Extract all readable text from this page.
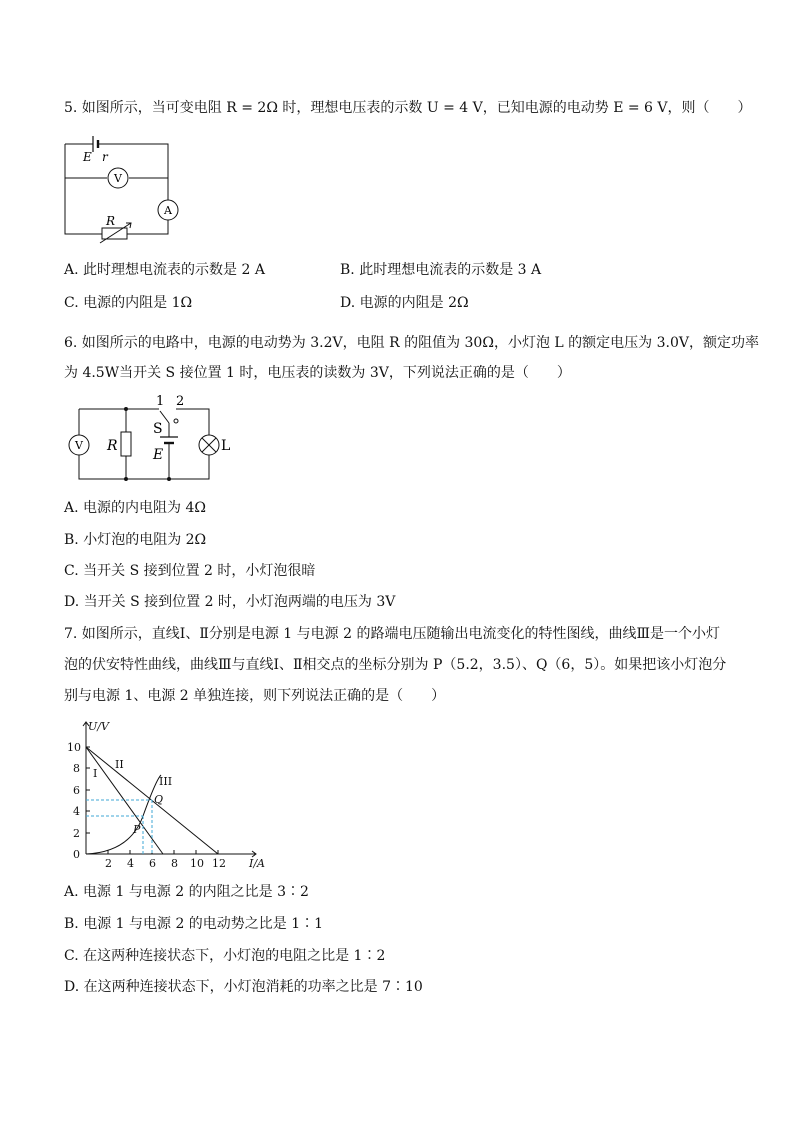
5. 如图所示，当可变电阻 R = 2Ω 时，理想电压表的示数 U = 4 V，已知电源的电动势 E = 6 V，则（　　）
E r
V
A
R
A. 此时理想电流表的示数是 2 A	B. 此时理想电流表的示数是 3 A
C. 电源的内阻是 1Ω	D. 电源的内阻是 2Ω
6. 如图所示的电路中，电源的电动势为 3.2V，电阻 R 的阻值为 30Ω，小灯泡 L 的额定电压为 3.0V，额定功率
为 4.5W当开关 S 接位置 1 时，电压表的读数为 3V，下列说法正确的是（　　）
V R
1 2
S
E
L
A. 电源的内电阻为 4Ω
B. 小灯泡的电阻为 2Ω
C. 当开关 S 接到位置 2 时，小灯泡很暗
D. 当开关 S 接到位置 2 时，小灯泡两端的电压为 3V
7. 如图所示，直线Ⅰ、Ⅱ分别是电源 1 与电源 2 的路端电压随输出电流变化的特性图线，曲线Ⅲ是一个小灯
泡的伏安特性曲线，曲线Ⅲ与直线Ⅰ、Ⅱ相交点的坐标分别为 P（5.2，3.5）、Q（6，5）。如果把该小灯泡分
别与电源 1、电源 2 单独连接，则下列说法正确的是（　　）
U/V
I/A
0
2 4 6 8 10 12
2
4
6
8
10
I
II
III
Q
P
A. 电源 1 与电源 2 的内阻之比是 3∶2
B. 电源 1 与电源 2 的电动势之比是 1∶1
C. 在这两种连接状态下，小灯泡的电阻之比是 1∶2
D. 在这两种连接状态下，小灯泡消耗的功率之比是 7∶10
